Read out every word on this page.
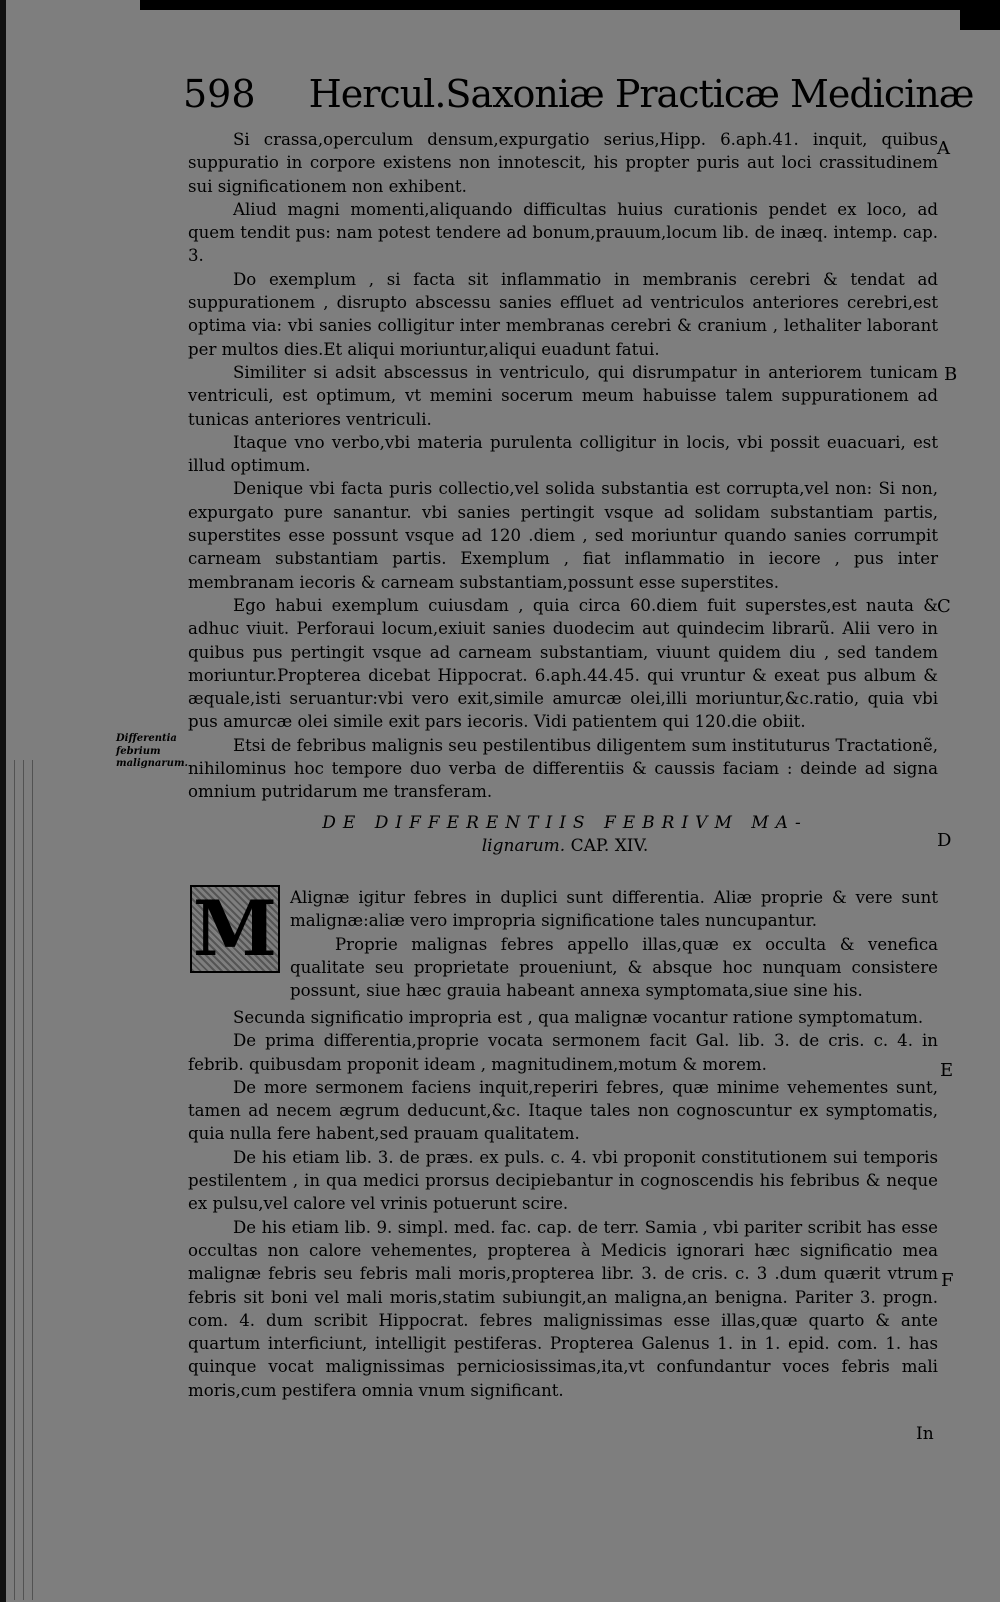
598 Hercul.Saxoniæ Practicæ Medicinæ
A
B
C
D
E
F
Differentia febrium malignarum.

Si crassa,operculum densum,expurgatio serius,Hipp. 6.aph.41. inquit, quibus suppuratio in corpore existens non innotescit, his propter puris aut loci crassitudinem sui significationem non exhibent.

Aliud magni momenti,aliquando difficultas huius curationis pendet ex loco, ad quem tendit pus: nam potest tendere ad bonum,prauum,locum lib. de inæq. intemp. cap. 3.

Do exemplum , si facta sit inflammatio in membranis cerebri & tendat ad suppurationem , disrupto abscessu sanies effluet ad ventriculos anteriores cerebri,est optima via: vbi sanies colligitur inter membranas cerebri & cranium , lethaliter laborant per multos dies.Et aliqui moriuntur,aliqui euadunt fatui.

Similiter si adsit abscessus in ventriculo, qui disrumpatur in anteriorem tunicam ventriculi, est optimum, vt memini socerum meum habuisse talem suppurationem ad tunicas anteriores ventriculi.

Itaque vno verbo,vbi materia purulenta colligitur in locis, vbi possit euacuari, est illud optimum.

Denique vbi facta puris collectio,vel solida substantia est corrupta,vel non: Si non, expurgato pure sanantur. vbi sanies pertingit vsque ad solidam substantiam partis, superstites esse possunt vsque ad 120 .diem , sed moriuntur quando sanies corrumpit carneam substantiam partis. Exemplum , fiat inflammatio in iecore , pus inter membranam iecoris & carneam substantiam,possunt esse superstites.

Ego habui exemplum cuiusdam , quia circa 60.diem fuit superstes,est nauta & adhuc viuit. Perforaui locum,exiuit sanies duodecim aut quindecim librarũ. Alii vero in quibus pus pertingit vsque ad carneam substantiam, viuunt quidem diu , sed tandem moriuntur.Propterea dicebat Hippocrat. 6.aph.44.45. qui vruntur & exeat pus album & æquale,isti seruantur:vbi vero exit,simile amurcæ olei,illi moriuntur,&c.ratio, quia vbi pus amurcæ olei simile exit pars iecoris. Vidi patientem qui 120.die obiit.

Etsi de febribus malignis seu pestilentibus diligentem sum instituturus Tractationẽ, nihilominus hoc tempore duo verba de differentiis & caussis faciam : deinde ad signa omnium putridarum me transferam.

DE DIFFERENTIIS FEBRIVM MA-
lignarum. CAP. XIV.
M Alignæ igitur febres in duplici sunt differentia. Aliæ proprie & vere sunt malignæ:aliæ vero impropria significatione tales nuncupantur.

Proprie malignas febres appello illas,quæ ex occulta & venefica qualitate seu proprietate proueniunt, & absque hoc nunquam consistere possunt, siue hæc grauia habeant annexa symptomata,siue sine his.

Secunda significatio impropria est , qua malignæ vocantur ratione symptomatum.

De prima differentia,proprie vocata sermonem facit Gal. lib. 3. de cris. c. 4. in febrib. quibusdam proponit ideam , magnitudinem,motum & morem.

De more sermonem faciens inquit,reperiri febres, quæ minime vehementes sunt, tamen ad necem ægrum deducunt,&c. Itaque tales non cognoscuntur ex symptomatis, quia nulla fere habent,sed prauam qualitatem.

De his etiam lib. 3. de præs. ex puls. c. 4. vbi proponit constitutionem sui temporis pestilentem , in qua medici prorsus decipiebantur in cognoscendis his febribus & neque ex pulsu,vel calore vel vrinis potuerunt scire.

De his etiam lib. 9. simpl. med. fac. cap. de terr. Samia , vbi pariter scribit has esse occultas non calore vehementes, propterea à Medicis ignorari hæc significatio mea malignæ febris seu febris mali moris,propterea libr. 3. de cris. c. 3 .dum quærit vtrum febris sit boni vel mali moris,statim subiungit,an maligna,an benigna. Pariter 3. progn. com. 4. dum scribit Hippocrat. febres malignissimas esse illas,quæ quarto & ante quartum interficiunt, intelligit pestiferas. Propterea Galenus 1. in 1. epid. com. 1. has quinque vocat malignissimas perniciosissimas,ita,vt confundantur voces febris mali moris,cum pestifera omnia vnum significant.

In
